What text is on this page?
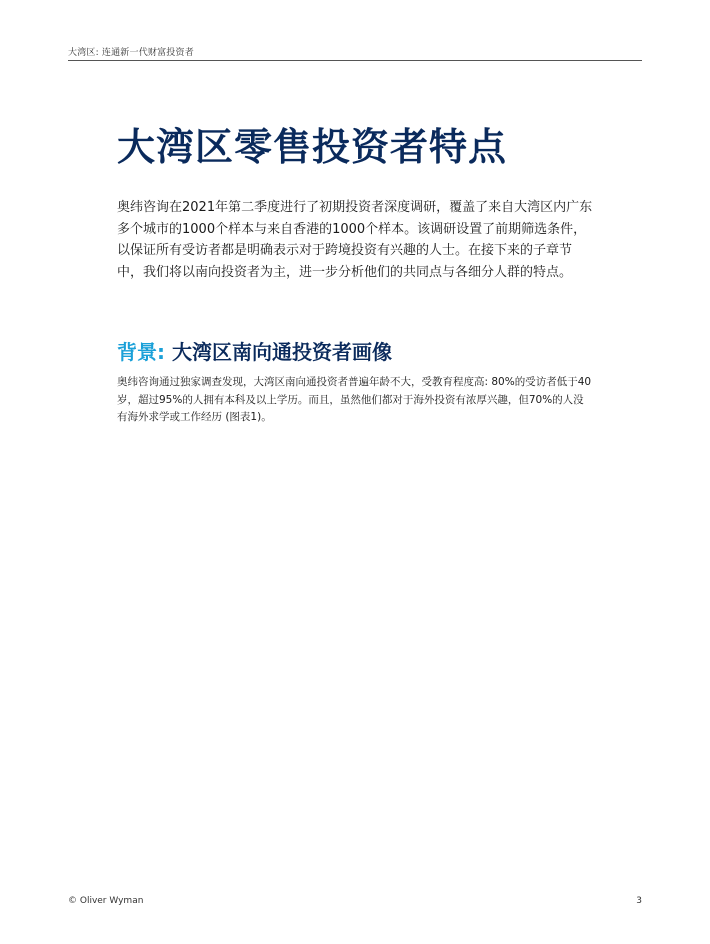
大湾区: 连通新一代财富投资者
大湾区零售投资者特点

奥纬咨询在2021年第二季度进行了初期投资者深度调研，覆盖了来自大湾区内广东多个城市的1000个样本与来自香港的1000个样本。该调研设置了前期筛选条件，以保证所有受访者都是明确表示对于跨境投资有兴趣的人士。在接下来的子章节中，我们将以南向投资者为主，进一步分析他们的共同点与各细分人群的特点。

背景: 大湾区南向通投资者画像

奥纬咨询通过独家调查发现，大湾区南向通投资者普遍年龄不大，受教育程度高: 80%的受访者低于40岁，超过95%的人拥有本科及以上学历。而且，虽然他们都对于海外投资有浓厚兴趣，但70%的人没有海外求学或工作经历 (图表1)。

© Oliver Wyman	3
